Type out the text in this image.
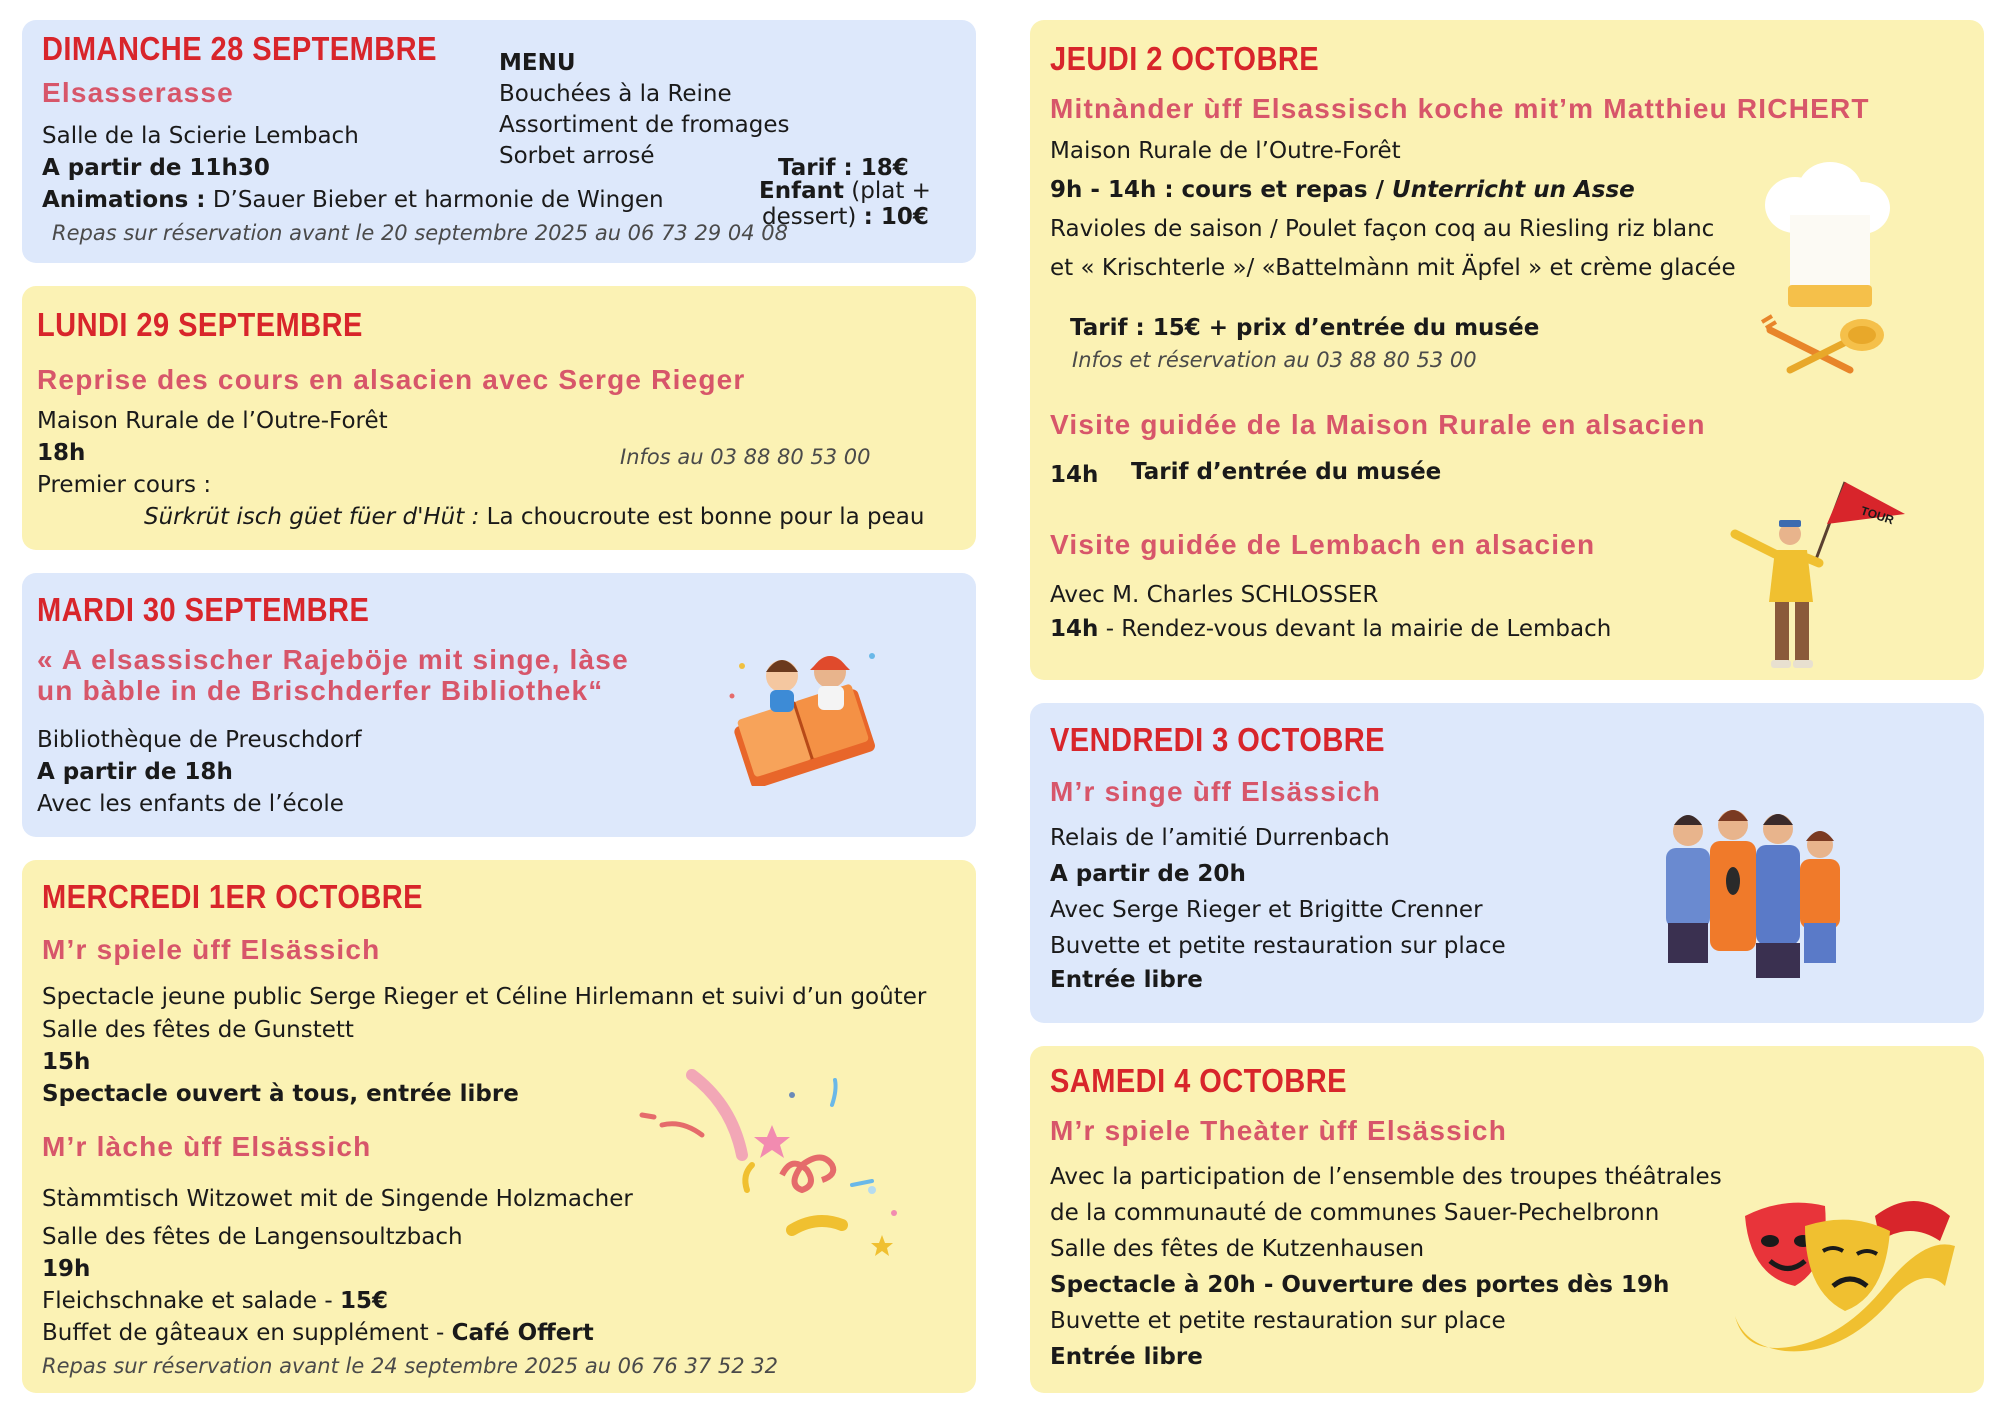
DIMANCHE 28 SEPTEMBRE
Elsasserasse
Salle de la Scierie Lembach
A partir de 11h30
Animations : D’Sauer Bieber et harmonie de Wingen
Repas sur réservation avant le 20 septembre 2025 au 06 73 29 04 08
MENU
Bouchées à la Reine
Assortiment de fromages
Sorbet arrosé	Tarif : 18€
Enfant (plat +
dessert) : 10€
LUNDI 29 SEPTEMBRE
Reprise des cours en alsacien avec Serge Rieger
Maison Rurale de l’Outre-Forêt
18h	Infos au 03 88 80 53 00
Premier cours :
Sürkrüt isch güet füer d'Hüt : La choucroute est bonne pour la peau
MARDI 30 SEPTEMBRE
« A elsassischer Rajeböje mit singe, làse
un bàble in de Brischderfer Bibliothek“
Bibliothèque de Preuschdorf
A partir de 18h
Avec les enfants de l’école
MERCREDI 1ER OCTOBRE
M’r spiele ùff Elsässich
Spectacle jeune public Serge Rieger et Céline Hirlemann et suivi d’un goûter
Salle des fêtes de Gunstett
15h
Spectacle ouvert à tous, entrée libre
M’r làche ùff Elsässich
Stàmmtisch Witzowet mit de Singende Holzmacher
Salle des fêtes de Langensoultzbach
19h
Fleichschnake et salade - 15€
Buffet de gâteaux en supplément - Café Offert
Repas sur réservation avant le 24 septembre 2025 au 06 76 37 52 32
JEUDI 2 OCTOBRE
Mitnànder ùff Elsassisch koche mit’m Matthieu RICHERT
Maison Rurale de l’Outre-Forêt
9h - 14h : cours et repas / Unterricht un Asse
Ravioles de saison / Poulet façon coq au Riesling riz blanc
et « Krischterle »/ «Battelmànn mit Äpfel » et crème glacée
Tarif : 15€ + prix d’entrée du musée
Infos et réservation au 03 88 80 53 00
Visite guidée de la Maison Rurale en alsacien
14h Tarif d’entrée du musée
Visite guidée de Lembach en alsacien
Avec M. Charles SCHLOSSER
14h - Rendez-vous devant la mairie de Lembach
TOUR
VENDREDI 3 OCTOBRE
M’r singe ùff Elsässich
Relais de l’amitié Durrenbach
A partir de 20h
Avec Serge Rieger et Brigitte Crenner
Buvette et petite restauration sur place
Entrée libre
SAMEDI 4 OCTOBRE
M’r spiele Theàter ùff Elsässich
Avec la participation de l’ensemble des troupes théâtrales
de la communauté de communes Sauer-Pechelbronn
Salle des fêtes de Kutzenhausen
Spectacle à 20h - Ouverture des portes dès 19h
Buvette et petite restauration sur place
Entrée libre
